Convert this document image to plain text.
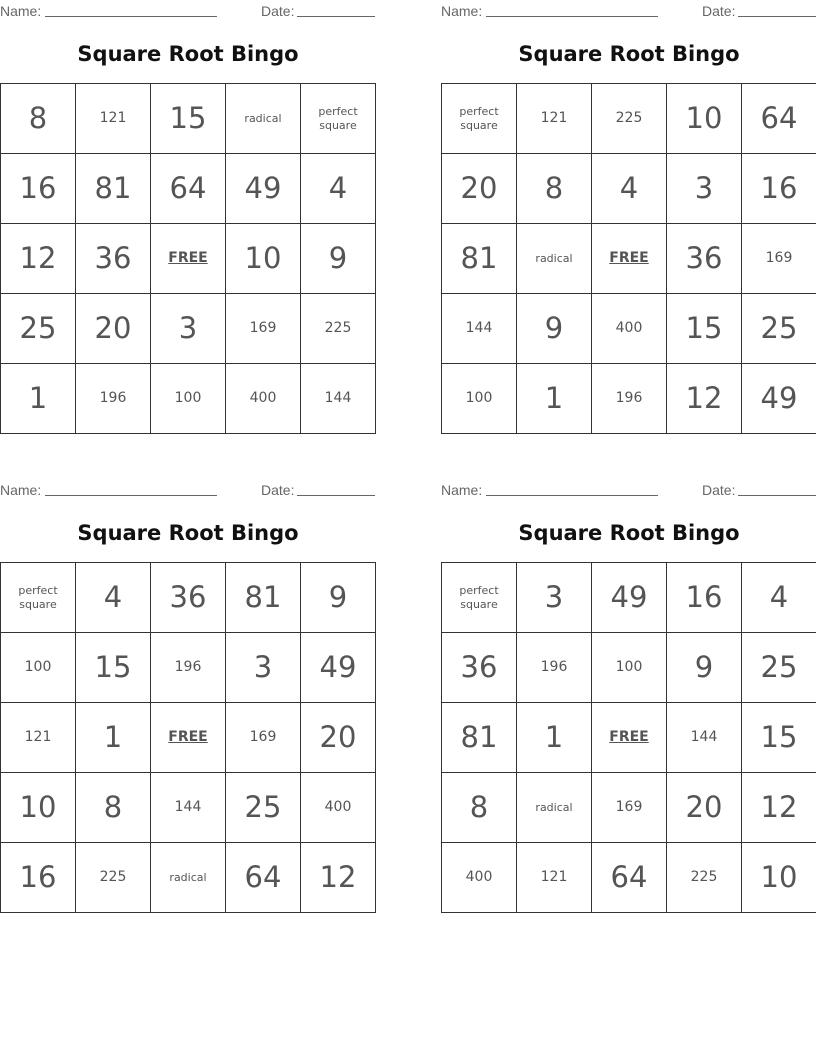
Name:	Date:
Square Root Bingo
8	121	15	radical	perfect
square
16	81	64	49	4
12	36	FREE	10	9
25	20	3	169	225
1	196	100	400	144
Name:	Date:
Square Root Bingo
perfect
square	121	225	10	64
20	8	4	3	16
81	radical	FREE	36	169
144	9	400	15	25
100	1	196	12	49
Name:	Date:
Square Root Bingo
perfect
square	4	36	81	9
100	15	196	3	49
121	1	FREE	169	20
10	8	144	25	400
16	225	radical	64	12
Name:	Date:
Square Root Bingo
perfect
square	3	49	16	4
36	196	100	9	25
81	1	FREE	144	15
8	radical	169	20	12
400	121	64	225	10
